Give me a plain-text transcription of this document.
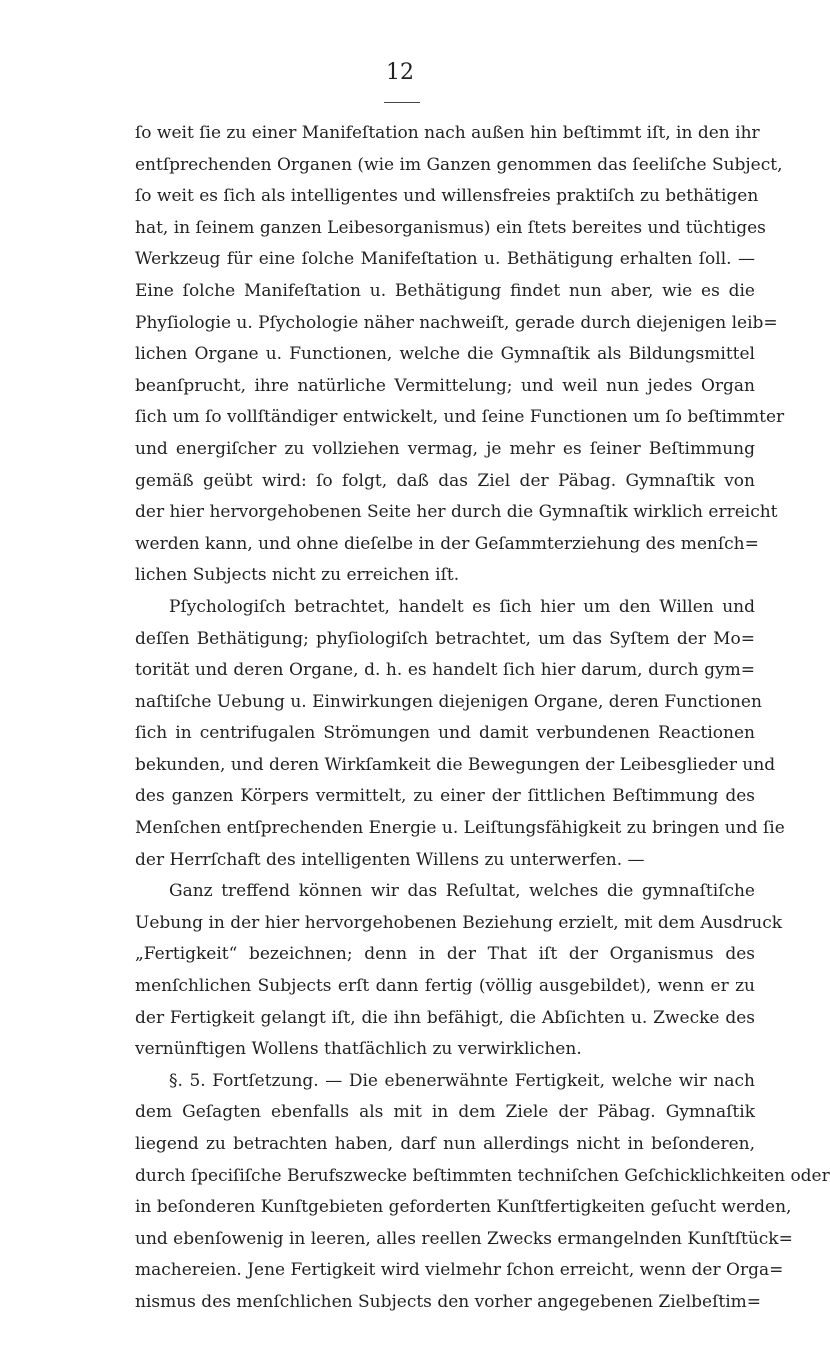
12
ſo weit ſie zu einer Manifeſtation nach außen hin beſtimmt iſt, in den ihr
entſprechenden Organen (wie im Ganzen genommen das ſeeliſche Subject,
ſo weit es ſich als intelligentes und willensfreies praktiſch zu bethätigen
hat, in ſeinem ganzen Leibesorganismus) ein ſtets bereites und tüchtiges
Werkzeug für eine ſolche Manifeſtation u. Bethätigung erhalten ſoll. —
Eine ſolche Manifeſtation u. Bethätigung findet nun aber, wie es die
Phyſiologie u. Pſychologie näher nachweiſt, gerade durch diejenigen leib=
lichen Organe u. Functionen, welche die Gymnaſtik als Bildungsmittel
beanſprucht, ihre natürliche Vermittelung; und weil nun jedes Organ
ſich um ſo vollſtändiger entwickelt, und ſeine Functionen um ſo beſtimmter
und energiſcher zu vollziehen vermag, je mehr es ſeiner Beſtimmung
gemäß geübt wird: ſo folgt, daß das Ziel der Päbag. Gymnaſtik von
der hier hervorgehobenen Seite her durch die Gymnaſtik wirklich erreicht
werden kann, und ohne dieſelbe in der Geſammterziehung des menſch=
lichen Subjects nicht zu erreichen iſt.
Pſychologiſch betrachtet, handelt es ſich hier um den Willen und
deſſen Bethätigung; phyſiologiſch betrachtet, um das Syſtem der Mo=
torität und deren Organe, d. h. es handelt ſich hier darum, durch gym=
naſtiſche Uebung u. Einwirkungen diejenigen Organe, deren Functionen
ſich in centrifugalen Strömungen und damit verbundenen Reactionen
bekunden, und deren Wirkſamkeit die Bewegungen der Leibesglieder und
des ganzen Körpers vermittelt, zu einer der ſittlichen Beſtimmung des
Menſchen entſprechenden Energie u. Leiſtungsfähigkeit zu bringen und ſie
der Herrſchaft des intelligenten Willens zu unterwerfen. —
Ganz treffend können wir das Reſultat, welches die gymnaſtiſche
Uebung in der hier hervorgehobenen Beziehung erzielt, mit dem Ausdruck
„Fertigkeit“ bezeichnen; denn in der That iſt der Organismus des
menſchlichen Subjects erſt dann fertig (völlig ausgebildet), wenn er zu
der Fertigkeit gelangt iſt, die ihn befähigt, die Abſichten u. Zwecke des
vernünftigen Wollens thatſächlich zu verwirklichen.
§. 5. Fortſetzung. — Die ebenerwähnte Fertigkeit, welche wir nach
dem Geſagten ebenfalls als mit in dem Ziele der Päbag. Gymnaſtik
liegend zu betrachten haben, darf nun allerdings nicht in beſonderen,
durch ſpeciſiſche Berufszwecke beſtimmten techniſchen Geſchicklichkeiten oder
in beſonderen Kunſtgebieten geforderten Kunſtfertigkeiten geſucht werden,
und ebenſowenig in leeren, alles reellen Zwecks ermangelnden Kunſtſtück=
machereien. Jene Fertigkeit wird vielmehr ſchon erreicht, wenn der Orga=
nismus des menſchlichen Subjects den vorher angegebenen Zielbeſtim=
